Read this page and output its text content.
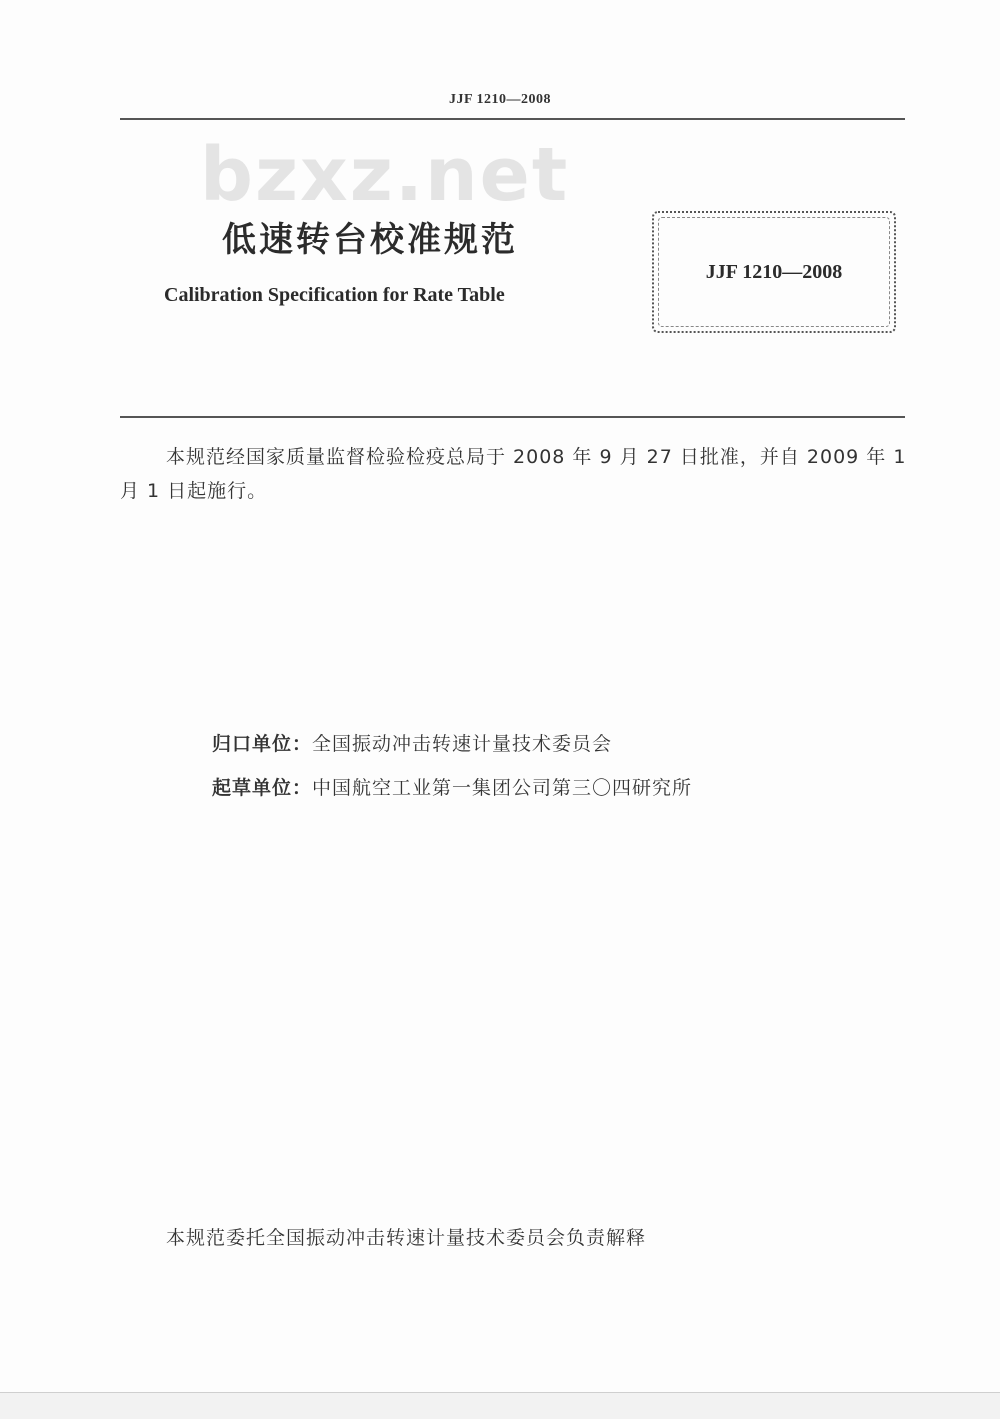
JJF 1210—2008
bzxz.net
低速转台校准规范
Calibration Specification for Rate Table
JJF 1210—2008
本规范经国家质量监督检验检疫总局于 2008 年 9 月 27 日批准，并自 2009 年 1 月 1 日起施行。
归口单位：全国振动冲击转速计量技术委员会
起草单位：中国航空工业第一集团公司第三〇四研究所
本规范委托全国振动冲击转速计量技术委员会负责解释
